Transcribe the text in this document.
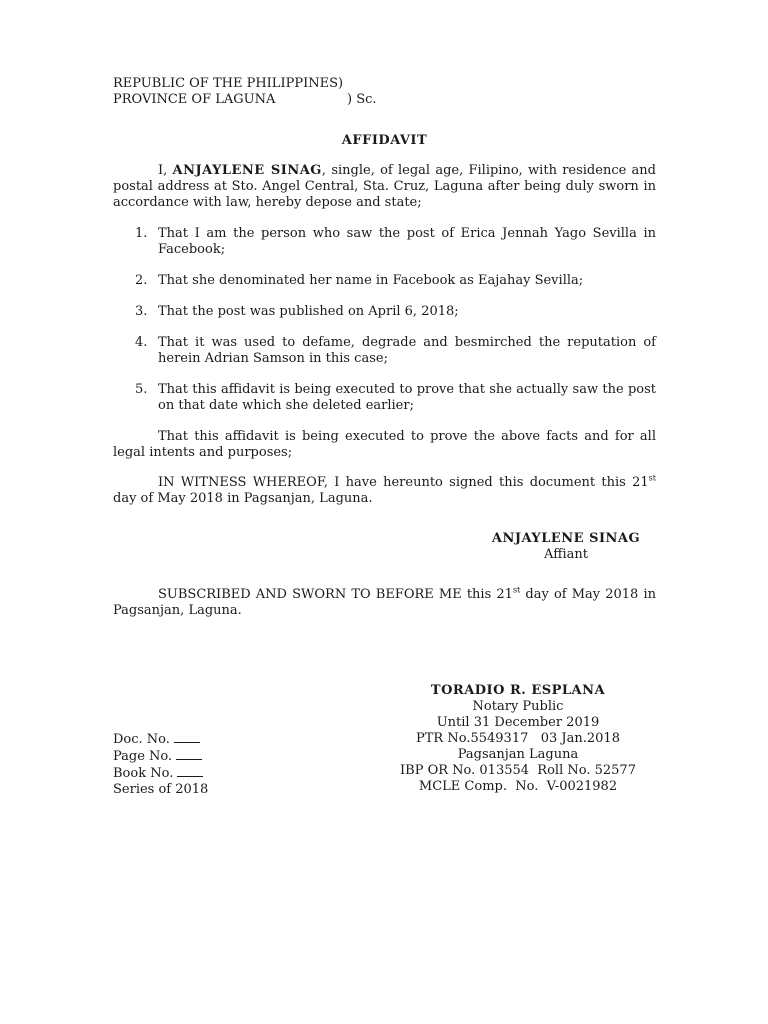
REPUBLIC OF THE PHILIPPINES)
PROVINCE OF LAGUNA	) Sc.
AFFIDAVIT

I, ANJAYLENE SINAG, single, of legal age, Filipino, with residence and postal address at Sto. Angel Central, Sta. Cruz, Laguna after being duly sworn in accordance with law, hereby depose and state;

1. That I am the person who saw the post of Erica Jennah Yago Sevilla in Facebook;
2. That she denominated her name in Facebook as Eajahay Sevilla;
3. That the post was published on April 6, 2018;
4. That it was used to defame, degrade and besmirched the reputation of herein Adrian Samson in this case;
5. That this affidavit is being executed to prove that she actually saw the post on that date which she deleted earlier;

That this affidavit is being executed to prove the above facts and for all legal intents and purposes;

IN WITNESS WHEREOF, I have hereunto signed this document this 21st day of May 2018 in Pagsanjan, Laguna.

ANJAYLENE SINAG
Affiant

SUBSCRIBED AND SWORN TO BEFORE ME this 21st day of May 2018 in Pagsanjan, Laguna.

TORADIO R. ESPLANA
Notary Public
Until 31 December 2019
PTR No.5549317   03 Jan.2018
Pagsanjan Laguna
IBP OR No. 013554  Roll No. 52577
MCLE Comp.  No.  V-0021982
Doc. No.
Page No.
Book No.
Series of 2018
